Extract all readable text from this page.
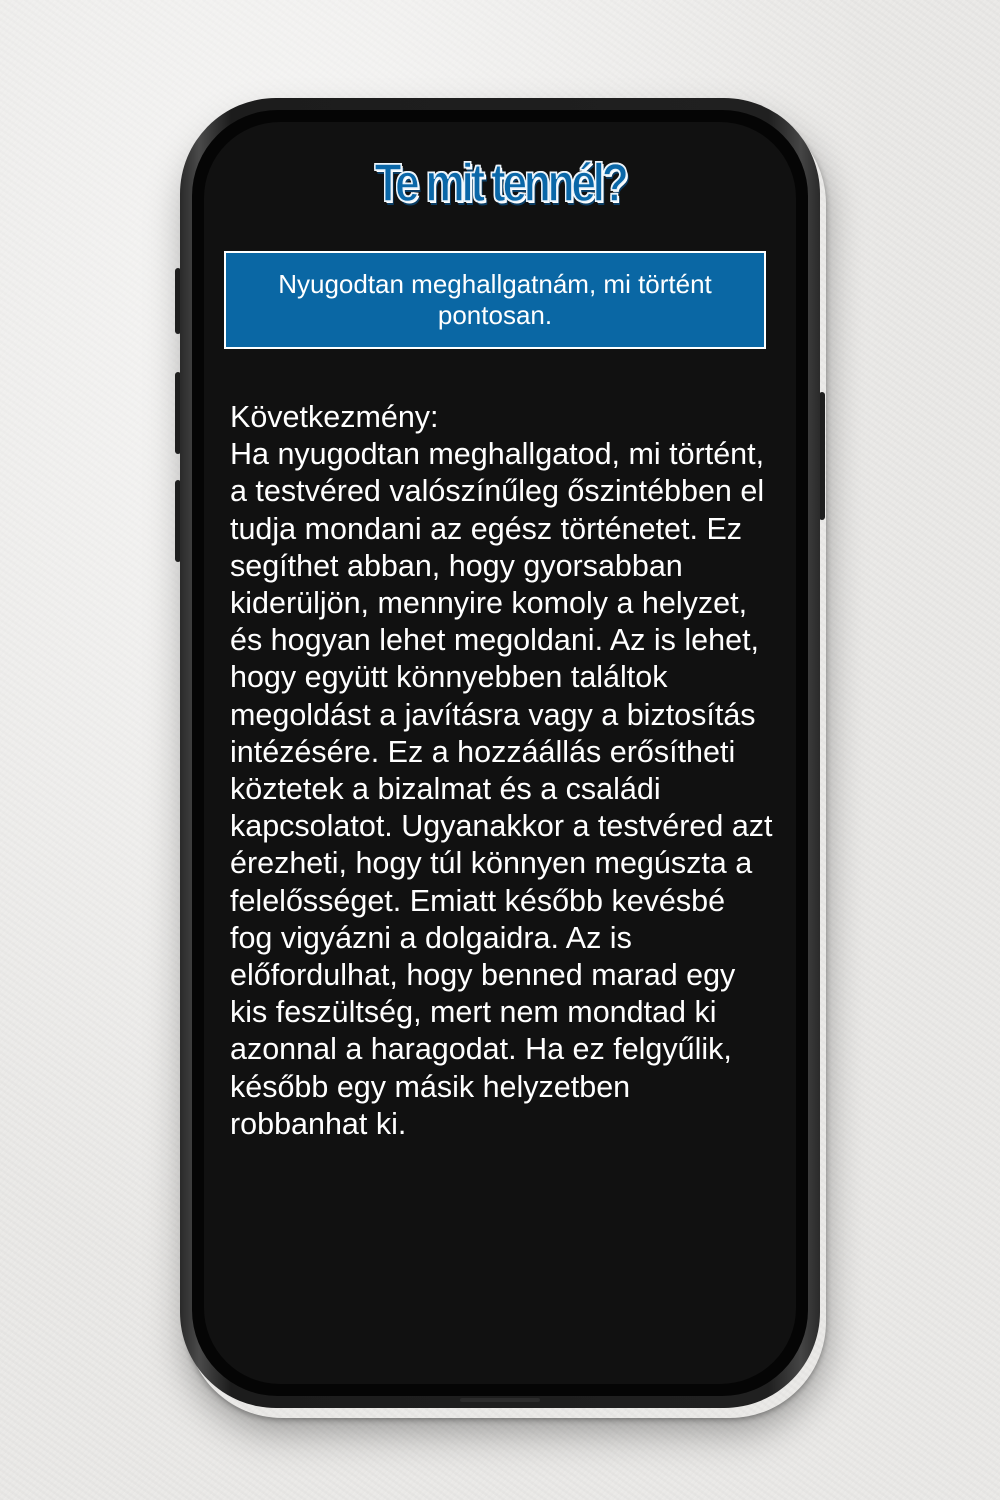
Te mit tennél?
Nyugodtan meghallgatnám, mi történt pontosan.
Következmény:
Ha nyugodtan meghallgatod, mi történt, a testvéred valószínűleg őszintébben el tudja mondani az egész történetet. Ez segíthet abban, hogy gyorsabban kiderüljön, mennyire komoly a helyzet, és hogyan lehet megoldani. Az is lehet, hogy együtt könnyebben találtok megoldást a javításra vagy a biztosítás intézésére. Ez a hozzáállás erősítheti köztetek a bizalmat és a családi kapcsolatot. Ugyanakkor a testvéred azt érezheti, hogy túl könnyen megúszta a felelősséget. Emiatt később kevésbé fog vigyázni a dolgaidra. Az is előfordulhat, hogy benned marad egy kis feszültség, mert nem mondtad ki azonnal a haragodat. Ha ez felgyűlik, később egy másik helyzetben robbanhat ki.
